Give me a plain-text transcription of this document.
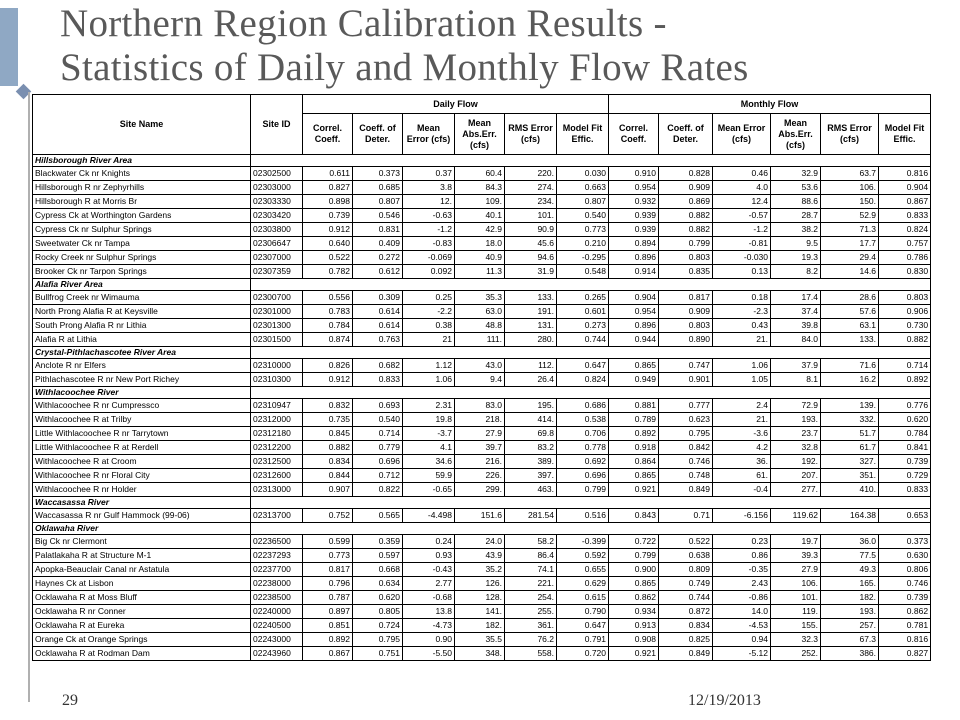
Northern Region Calibration Results -
Statistics of Daily and Monthly Flow Rates
Site Name	Site ID	Daily Flow						Monthly Flow					
		Correl. Coeff.	Coeff. of Deter.	Mean Error (cfs)	Mean Abs.Err. (cfs)	RMS Error (cfs)	Model Fit Effic.	Correl. Coeff.	Coeff. of Deter.	Mean Error (cfs)	Mean Abs.Err. (cfs)	RMS Error (cfs)	Model Fit Effic.
Hillsborough River Area													
Blackwater Ck nr Knights	02302500	0.611	0.373	0.37	60.4	220.	0.030	0.910	0.828	0.46	32.9	63.7	0.816
Hillsborough R nr Zephyrhills	02303000	0.827	0.685	3.8	84.3	274.	0.663	0.954	0.909	4.0	53.6	106.	0.904
Hillsborough R at Morris Br	02303330	0.898	0.807	12.	109.	234.	0.807	0.932	0.869	12.4	88.6	150.	0.867
Cypress Ck at Worthington Gardens	02303420	0.739	0.546	-0.63	40.1	101.	0.540	0.939	0.882	-0.57	28.7	52.9	0.833
Cypress Ck nr Sulphur Springs	02303800	0.912	0.831	-1.2	42.9	90.9	0.773	0.939	0.882	-1.2	38.2	71.3	0.824
Sweetwater Ck nr Tampa	02306647	0.640	0.409	-0.83	18.0	45.6	0.210	0.894	0.799	-0.81	9.5	17.7	0.757
Rocky Creek nr Sulphur Springs	02307000	0.522	0.272	-0.069	40.9	94.6	-0.295	0.896	0.803	-0.030	19.3	29.4	0.786
Brooker Ck nr Tarpon Springs	02307359	0.782	0.612	0.092	11.3	31.9	0.548	0.914	0.835	0.13	8.2	14.6	0.830
Alafia River Area													
Bullfrog Creek nr Wimauma	02300700	0.556	0.309	0.25	35.3	133.	0.265	0.904	0.817	0.18	17.4	28.6	0.803
North Prong Alafia R at Keysville	02301000	0.783	0.614	-2.2	63.0	191.	0.601	0.954	0.909	-2.3	37.4	57.6	0.906
South Prong Alafia R nr Lithia	02301300	0.784	0.614	0.38	48.8	131.	0.273	0.896	0.803	0.43	39.8	63.1	0.730
Alafia R at Lithia	02301500	0.874	0.763	21	111.	280.	0.744	0.944	0.890	21.	84.0	133.	0.882
Crystal-Pithlachascotee River Area													
Anclote R nr Elfers	02310000	0.826	0.682	1.12	43.0	112.	0.647	0.865	0.747	1.06	37.9	71.6	0.714
Pithlachascotee R nr New Port Richey	02310300	0.912	0.833	1.06	9.4	26.4	0.824	0.949	0.901	1.05	8.1	16.2	0.892
Withlacoochee River													
Withlacoochee R nr Cumpressco	02310947	0.832	0.693	2.31	83.0	195.	0.686	0.881	0.777	2.4	72.9	139.	0.776
Withlacoochee R at Trilby	02312000	0.735	0.540	19.8	218.	414.	0.538	0.789	0.623	21.	193.	332.	0.620
Little Withlacoochee R nr Tarrytown	02312180	0.845	0.714	-3.7	27.9	69.8	0.706	0.892	0.795	-3.6	23.7	51.7	0.784
Little Withlacoochee R at Rerdell	02312200	0.882	0.779	4.1	39.7	83.2	0.778	0.918	0.842	4.2	32.8	61.7	0.841
Withlacoochee R at Croom	02312500	0.834	0.696	34.6	216.	389.	0.692	0.864	0.746	36.	192.	327.	0.739
Withlacoochee R nr Floral City	02312600	0.844	0.712	59.9	226.	397.	0.696	0.865	0.748	61.	207.	351.	0.729
Withlacoochee R nr Holder	02313000	0.907	0.822	-0.65	299.	463.	0.799	0.921	0.849	-0.4	277.	410.	0.833
Waccasassa River													
Waccasassa R nr Gulf Hammock (99-06)	02313700	0.752	0.565	-4.498	151.6	281.54	0.516	0.843	0.71	-6.156	119.62	164.38	0.653
Oklawaha River													
Big Ck nr Clermont	02236500	0.599	0.359	0.24	24.0	58.2	-0.399	0.722	0.522	0.23	19.7	36.0	0.373
Palatlakaha R at Structure M-1	02237293	0.773	0.597	0.93	43.9	86.4	0.592	0.799	0.638	0.86	39.3	77.5	0.630
Apopka-Beauclair Canal nr Astatula	02237700	0.817	0.668	-0.43	35.2	74.1	0.655	0.900	0.809	-0.35	27.9	49.3	0.806
Haynes Ck at Lisbon	02238000	0.796	0.634	2.77	126.	221.	0.629	0.865	0.749	2.43	106.	165.	0.746
Ocklawaha R at Moss Bluff	02238500	0.787	0.620	-0.68	128.	254.	0.615	0.862	0.744	-0.86	101.	182.	0.739
Ocklawaha R nr Conner	02240000	0.897	0.805	13.8	141.	255.	0.790	0.934	0.872	14.0	119.	193.	0.862
Ocklawaha R at Eureka	02240500	0.851	0.724	-4.73	182.	361.	0.647	0.913	0.834	-4.53	155.	257.	0.781
Orange Ck at Orange Springs	02243000	0.892	0.795	0.90	35.5	76.2	0.791	0.908	0.825	0.94	32.3	67.3	0.816
Ocklawaha R at Rodman Dam	02243960	0.867	0.751	-5.50	348.	558.	0.720	0.921	0.849	-5.12	252.	386.	0.827
29	12/19/2013
